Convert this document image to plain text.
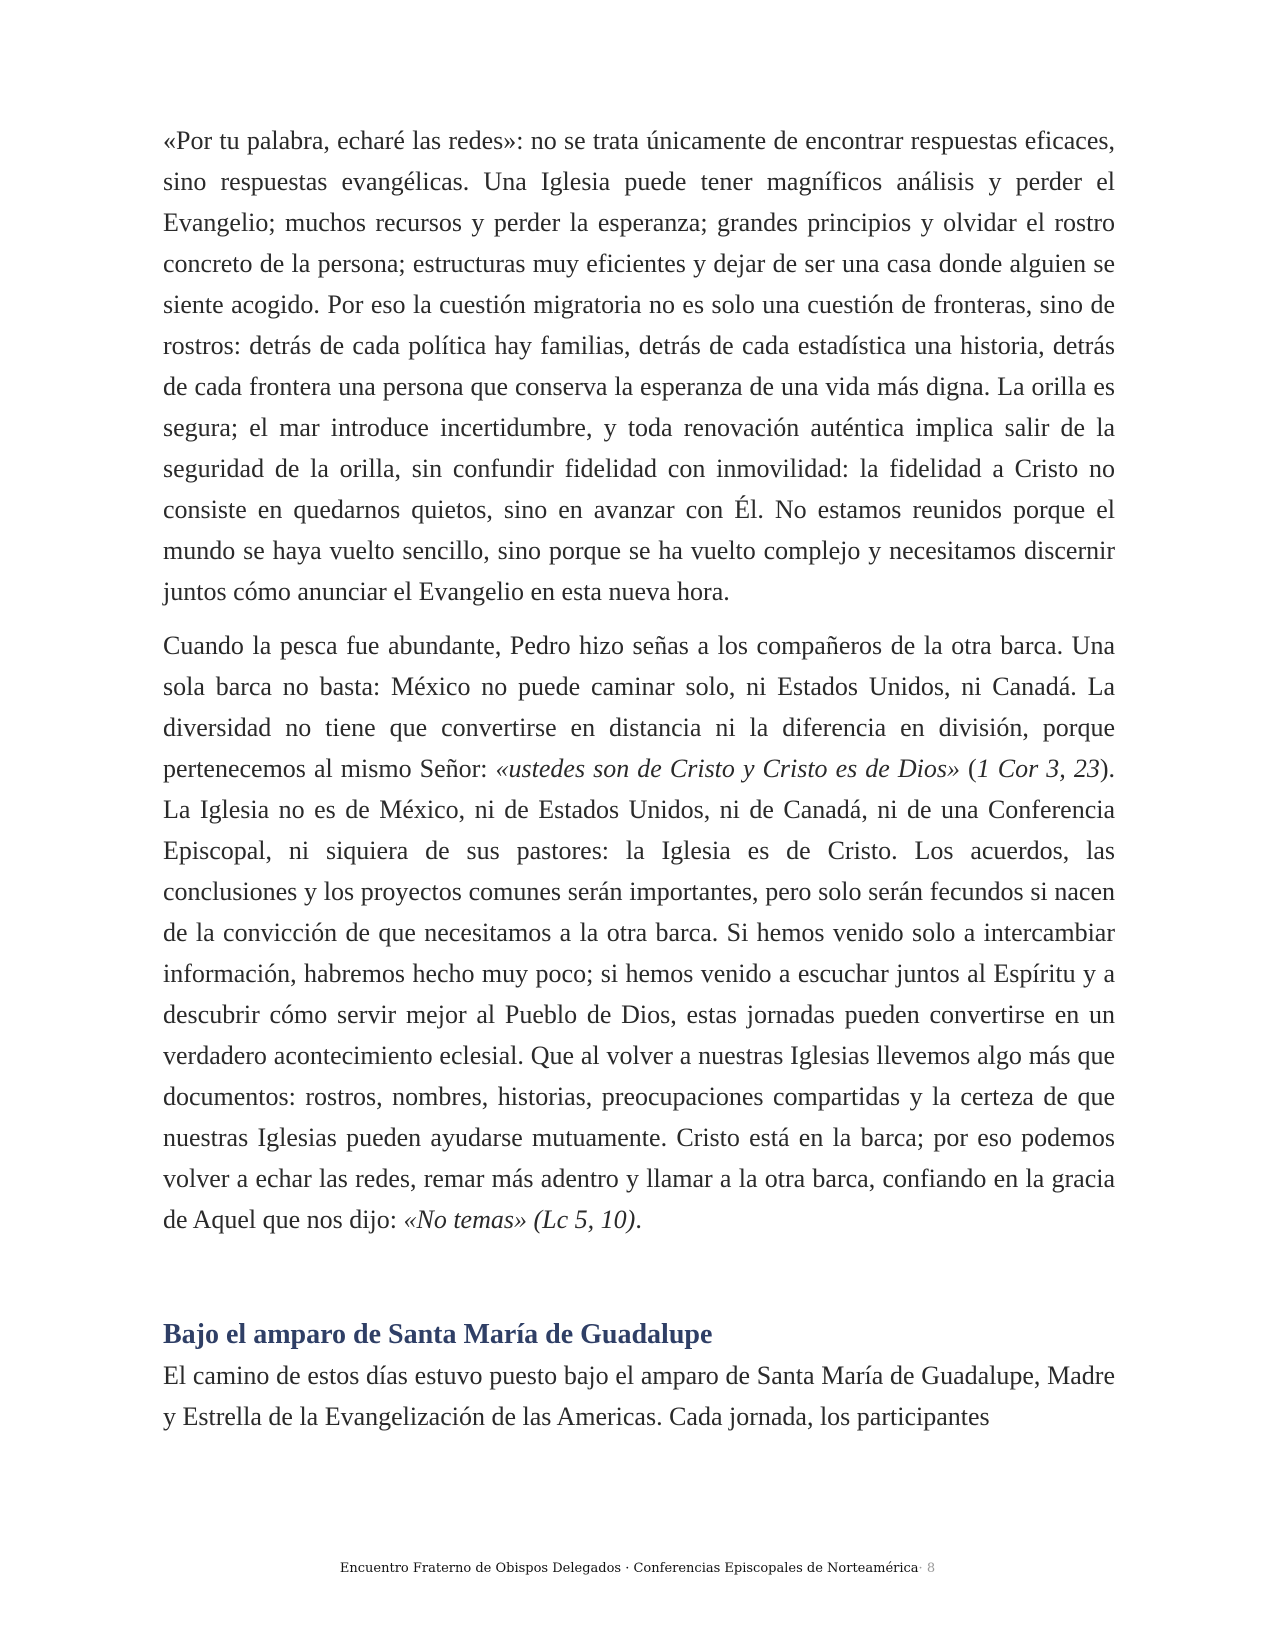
«Por tu palabra, echaré las redes»: no se trata únicamente de encontrar respuestas eficaces, sino respuestas evangélicas. Una Iglesia puede tener magníficos análisis y perder el Evangelio; muchos recursos y perder la esperanza; grandes principios y olvidar el rostro concreto de la persona; estructuras muy eficientes y dejar de ser una casa donde alguien se siente acogido. Por eso la cuestión migratoria no es solo una cuestión de fronteras, sino de rostros: detrás de cada política hay familias, detrás de cada estadística una historia, detrás de cada frontera una persona que conserva la esperanza de una vida más digna. La orilla es segura; el mar introduce incertidumbre, y toda renovación auténtica implica salir de la seguridad de la orilla, sin confundir fidelidad con inmovilidad: la fidelidad a Cristo no consiste en quedarnos quietos, sino en avanzar con Él. No estamos reunidos porque el mundo se haya vuelto sencillo, sino porque se ha vuelto complejo y necesitamos discernir juntos cómo anunciar el Evangelio en esta nueva hora.

Cuando la pesca fue abundante, Pedro hizo señas a los compañeros de la otra barca. Una sola barca no basta: México no puede caminar solo, ni Estados Unidos, ni Canadá. La diversidad no tiene que convertirse en distancia ni la diferencia en división, porque pertenecemos al mismo Señor: «ustedes son de Cristo y Cristo es de Dios» (1 Cor 3, 23). La Iglesia no es de México, ni de Estados Unidos, ni de Canadá, ni de una Conferencia Episcopal, ni siquiera de sus pastores: la Iglesia es de Cristo. Los acuerdos, las conclusiones y los proyectos comunes serán importantes, pero solo serán fecundos si nacen de la convicción de que necesitamos a la otra barca. Si hemos venido solo a intercambiar información, habremos hecho muy poco; si hemos venido a escuchar juntos al Espíritu y a descubrir cómo servir mejor al Pueblo de Dios, estas jornadas pueden convertirse en un verdadero acontecimiento eclesial. Que al volver a nuestras Iglesias llevemos algo más que documentos: rostros, nombres, historias, preocupaciones compartidas y la certeza de que nuestras Iglesias pueden ayudarse mutuamente. Cristo está en la barca; por eso podemos volver a echar las redes, remar más adentro y llamar a la otra barca, confiando en la gracia de Aquel que nos dijo: «No temas» (Lc 5, 10).

Bajo el amparo de Santa María de Guadalupe

El camino de estos días estuvo puesto bajo el amparo de Santa María de Guadalupe, Madre y Estrella de la Evangelización de las Americas. Cada jornada, los participantes

Encuentro Fraterno de Obispos Delegados · Conferencias Episcopales de Norteamérica· 8
